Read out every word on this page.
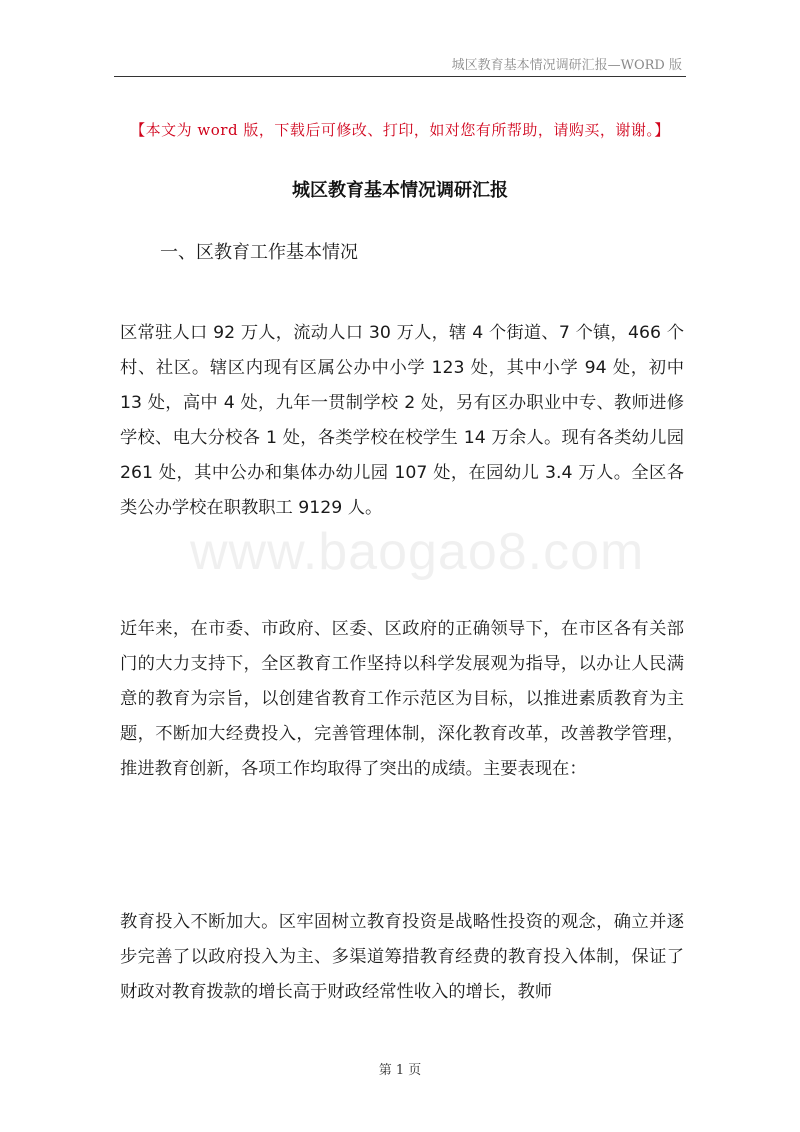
城区教育基本情况调研汇报—WORD 版
【本文为 word 版，下载后可修改、打印，如对您有所帮助，请购买，谢谢。】
城区教育基本情况调研汇报
一、区教育工作基本情况
区常驻人口 92 万人，流动人口 30 万人，辖 4 个街道、7 个镇，466 个村、社区。辖区内现有区属公办中小学 123 处，其中小学 94 处，初中 13 处，高中 4 处，九年一贯制学校 2 处，另有区办职业中专、教师进修学校、电大分校各 1 处，各类学校在校学生 14 万余人。现有各类幼儿园 261 处，其中公办和集体办幼儿园 107 处，在园幼儿 3.4 万人。全区各类公办学校在职教职工 9129 人。
www.baogao8.com
近年来，在市委、市政府、区委、区政府的正确领导下，在市区各有关部门的大力支持下，全区教育工作坚持以科学发展观为指导，以办让人民满意的教育为宗旨，以创建省教育工作示范区为目标，以推进素质教育为主题，不断加大经费投入，完善管理体制，深化教育改革，改善教学管理，推进教育创新，各项工作均取得了突出的成绩。主要表现在：
教育投入不断加大。区牢固树立教育投资是战略性投资的观念，确立并逐步完善了以政府投入为主、多渠道筹措教育经费的教育投入体制，保证了财政对教育拨款的增长高于财政经常性收入的增长，教师
第 1 页
